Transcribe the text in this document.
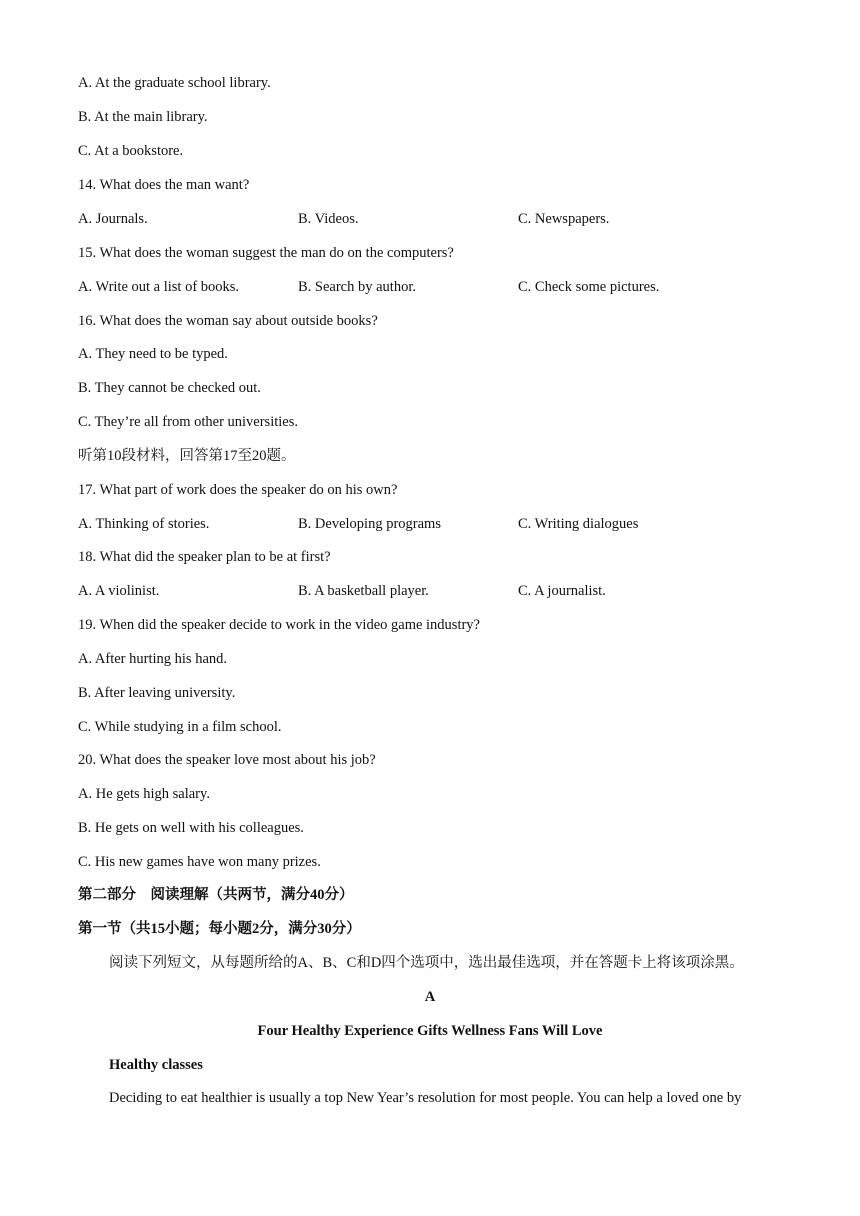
A. At the graduate school library.
B. At the main library.
C. At a bookstore.
14. What does the man want?
A. Journals.	B. Videos.	C. Newspapers.
15. What does the woman suggest the man do on the computers?
A. Write out a list of books.	B. Search by author.	C. Check some pictures.
16. What does the woman say about outside books?
A. They need to be typed.
B. They cannot be checked out.
C. They’re all from other universities.
听第10段材料，回答第17至20题。
17. What part of work does the speaker do on his own?
A. Thinking of stories.	B. Developing programs	C. Writing dialogues
18. What did the speaker plan to be at first?
A. A violinist.	B. A basketball player.	C. A journalist.
19. When did the speaker decide to work in the video game industry?
A. After hurting his hand.
B. After leaving university.
C. While studying in a film school.
20. What does the speaker love most about his job?
A. He gets high salary.
B. He gets on well with his colleagues.
C. His new games have won many prizes.
第二部分　阅读理解（共两节，满分40分）
第一节（共15小题；每小题2分，满分30分）
阅读下列短文，从每题所给的A、B、C和D四个选项中，选出最佳选项，并在答题卡上将该项涂黑。
A
Four Healthy Experience Gifts Wellness Fans Will Love
Healthy classes
Deciding to eat healthier is usually a top New Year’s resolution for most people. You can help a loved one by
